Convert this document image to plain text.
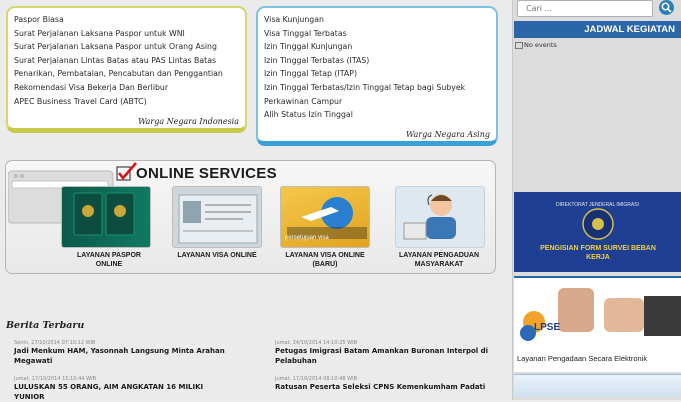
Paspor Biasa
Surat Perjalanan Laksana Paspor untuk WNI
Surat Perjalanan Laksana Paspor untuk Orang Asing
Surat Perjalanan Lintas Batas atau PAS Lintas Batas
Penarikan, Pembatalan, Pencabutan dan Penggantian
Rekomendasi Visa Bekerja Dan Berlibur
APEC Business Travel Card (ABTC)
Warga Negara Indonesia
Visa Kunjungan
Visa Tinggal Terbatas
Izin Tinggal Kunjungan
Izin Tinggal Terbatas (ITAS)
Izin Tinggal Tetap (ITAP)
Izin Tinggal Terbatas/Izin Tinggal Tetap bagi Subyek
Perkawinan Campur
Alih Status Izin Tinggal
Warga Negara Asing
ONLINE SERVICES
LAYANAN PASPOR ONLINE
LAYANAN VISA ONLINE
persetujuan visa
LAYANAN VISA ONLINE
(BARU)
LAYANAN PENGADUAN MASYARAKAT
Berita Terbaru
Senin, 27/10/2014 07:10:12 WIB
Jadi Menkum HAM, Yasonnah Langsung Minta Arahan Megawati
Jumat, 24/10/2014 14:10:25 WIB
Petugas Imigrasi Batam Amankan Buronan Interpol di Pelabuhan
Jumat, 17/10/2014 15:10:44 WIB
LULUSKAN 55 ORANG, AIM ANGKATAN 16 MILIKI YUNIOR
Jumat, 17/10/2014 08:10:48 WIB
Ratusan Peserta Seleksi CPNS Kemenkumham Padati
Cari ...
JADWAL KEGIATAN
No events
DIREKTORAT JENDERAL IMIGRASI
PENGISIAN FORM SURVEI BEBAN KERJA
LPSE
Layanan Pengadaan Secara Elektronik
